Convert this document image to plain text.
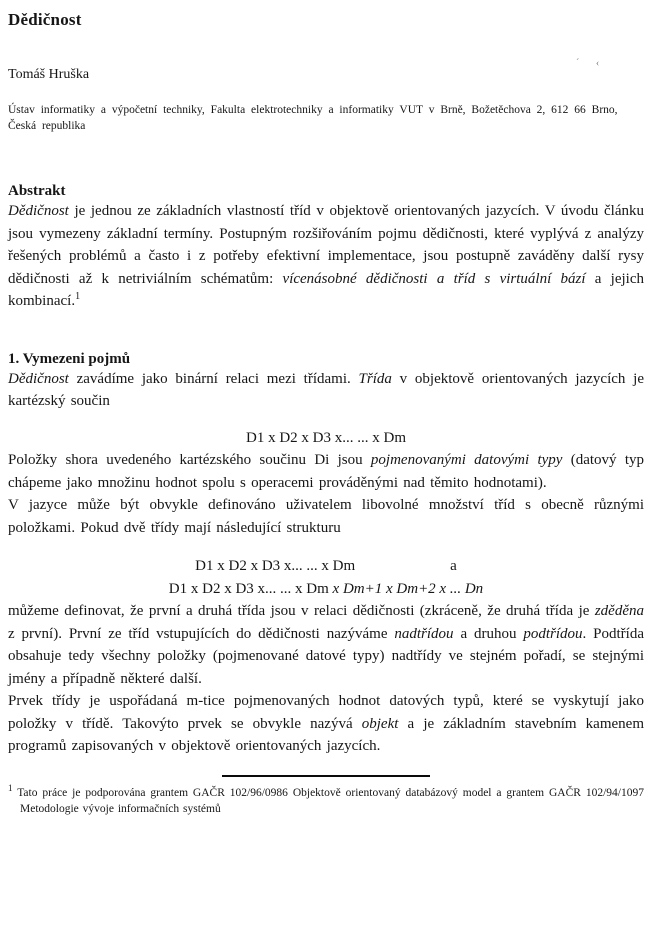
Dědičnost
´ ‹
Tomáš Hruška
Ústav informatiky a výpočetní techniky, Fakulta elektrotechniky a informatiky VUT v Brně, Božetěchova 2, 612 66 Brno, Česká republika
Abstrakt

Dědičnost je jednou ze základních vlastností tříd v objektově orientovaných jazycích. V úvodu článku jsou vymezeny základní termíny. Postupným rozšiřováním pojmu dědičnosti, které vyplývá z analýzy řešených problémů a často i z potřeby efektivní implementace, jsou postupně zaváděny další rysy dědičnosti až k netriviálním schématům: vícenásobné dědičnosti a tříd s virtuální bází a jejich kombinací.$^1$

1. Vymezeni pojmů

Dědičnost zavádíme jako binární relaci mezi třídami. Třída v objektově orientovaných jazycích je kartézský součin

D1 x D2 x D3 x... ... x Dm

Položky shora uvedeného kartézského součinu Di jsou pojmenovanými datovými typy (datový typ chápeme jako množinu hodnot spolu s operacemi prováděnými nad těmito hodnotami).

V jazyce může být obvykle definováno uživatelem libovolné množství tříd s obecně různými položkami. Pokud dvě třídy mají následující strukturu

D1 x D2 x D3 x... ... x Dm	a
D1 x D2 x D3 x... ... x Dm x Dm+1 x Dm+2 x ... Dn

můžeme definovat, že první a druhá třída jsou v relaci dědičnosti (zkráceně, že druhá třída je zděděna z první). První ze tříd vstupujících do dědičnosti nazýváme nadtřídou a druhou podtřídou. Podtřída obsahuje tedy všechny položky (pojmenované datové typy) nadtřídy ve stejném pořadí, se stejnými jmény a případně některé další.

Prvek třídy je uspořádaná m-tice pojmenovaných hodnot datových typů, které se vyskytují jako položky v třídě. Takovýto prvek se obvykle nazývá objekt a je základním stavebním kamenem programů zapisovaných v objektově orientovaných jazycích.

$^1$ Tato práce je podporována grantem GAČR 102/96/0986 Objektově orientovaný databázový model a grantem GAČR 102/94/1097 Metodologie vývoje informačních systémů
